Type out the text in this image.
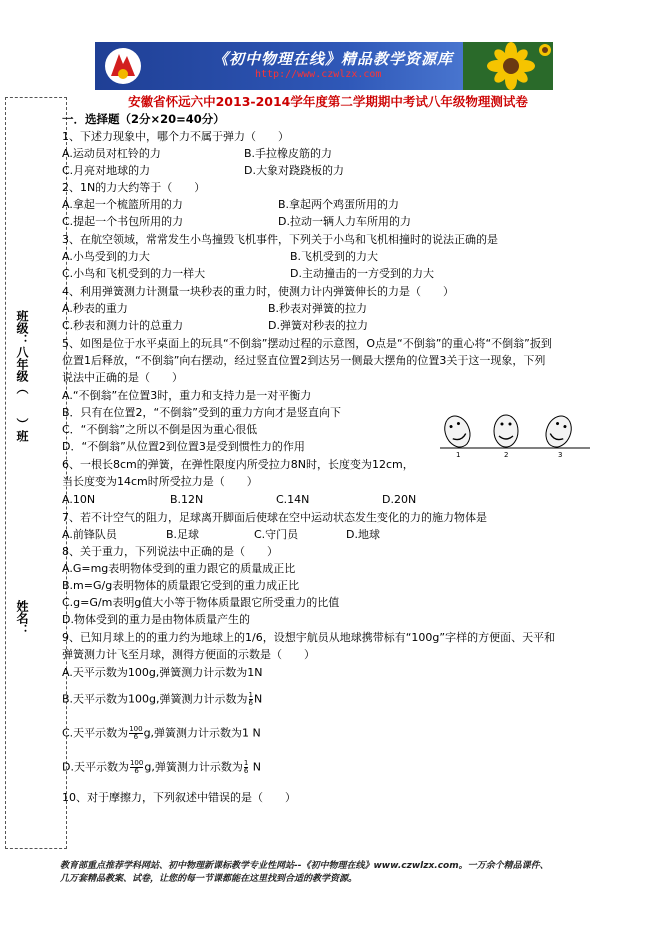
《初中物理在线》精品教学资源库
http://www.czwlzx.com
班级：八年级（　　）班
姓名：
安徽省怀远六中2013-2014学年度第二学期期中考试八年级物理测试卷
一．选择题（2分×20=40分）
1、下述力现象中，哪个力不属于弹力（　　）
A.运动员对杠铃的力	B.手拉橡皮筋的力
C.月亮对地球的力	D.大象对跷跷板的力
2、1N的力大约等于（　　）
A.拿起一个梳篮所用的力	B.拿起两个鸡蛋所用的力
C.提起一个书包所用的力	D.拉动一辆人力车所用的力
3、在航空领域，常常发生小鸟撞毁飞机事件，下列关于小鸟和飞机相撞时的说法正确的是
A.小鸟受到的力大	B.飞机受到的力大
C.小鸟和飞机受到的力一样大	D.主动撞击的一方受到的力大
4、利用弹簧测力计测量一块秒表的重力时，使测力计内弹簧伸长的力是（　　）
A.秒表的重力	B.秒表对弹簧的拉力
C.秒表和测力计的总重力	D.弹簧对秒表的拉力
5、如图是位于水平桌面上的玩具“不倒翁”摆动过程的示意图，O点是“不倒翁”的重心将“不倒翁”扳到
位置1后释放，“不倒翁”向右摆动，经过竖直位置2到达另一侧最大摆角的位置3关于这一现象，下列
说法中正确的是（　　）
A.“不倒翁”在位置3时，重力和支持力是一对平衡力
B．只有在位置2，“不倒翁”受到的重力方向才是竖直向下
C．“不倒翁”之所以不倒是因为重心很低
D．“不倒翁”从位置2到位置3是受到惯性力的作用
1	2	3
6、一根长8cm的弹簧，在弹性限度内所受拉力8N时，长度变为12cm，
当长度变为14cm时所受拉力是（　　）
A.10N	B.12N	C.14N	D.20N
7、若不计空气的阻力，足球离开脚面后使球在空中运动状态发生变化的力的施力物体是
A.前锋队员	B.足球	C.守门员	D.地球
8、关于重力，下列说法中正确的是（　　）
A.G=mg表明物体受到的重力跟它的质量成正比
B.m=G/g表明物体的质量跟它受到的重力成正比
C.g=G/m表明g值大小等于物体质量跟它所受重力的比值
D.物体受到的重力是由物体质量产生的
9、已知月球上的的重力约为地球上的1/6，设想宇航员从地球携带标有“100g”字样的方便面、天平和
弹簧测力计飞至月球，测得方便面的示数是（　　）
A.天平示数为100g,弹簧测力计示数为1N
B.天平示数为100g,弹簧测力计示数为 $\frac{1}{6}$ N
C.天平示数为 $\frac{100}{6} g$,弹簧测力计示数为1 N
D.天平示数为 $\frac{100}{6} g$,弹簧测力计示数为 $\frac{1}{6}$ N
10、对于摩擦力，下列叙述中错误的是（　　）
教育部重点推荐学科网站、初中物理新课标教学专业性网站--《初中物理在线》www.czwlzx.com。一万余个精品课件、
几万套精品教案、试卷，让您的每一节课都能在这里找到合适的教学资源。
